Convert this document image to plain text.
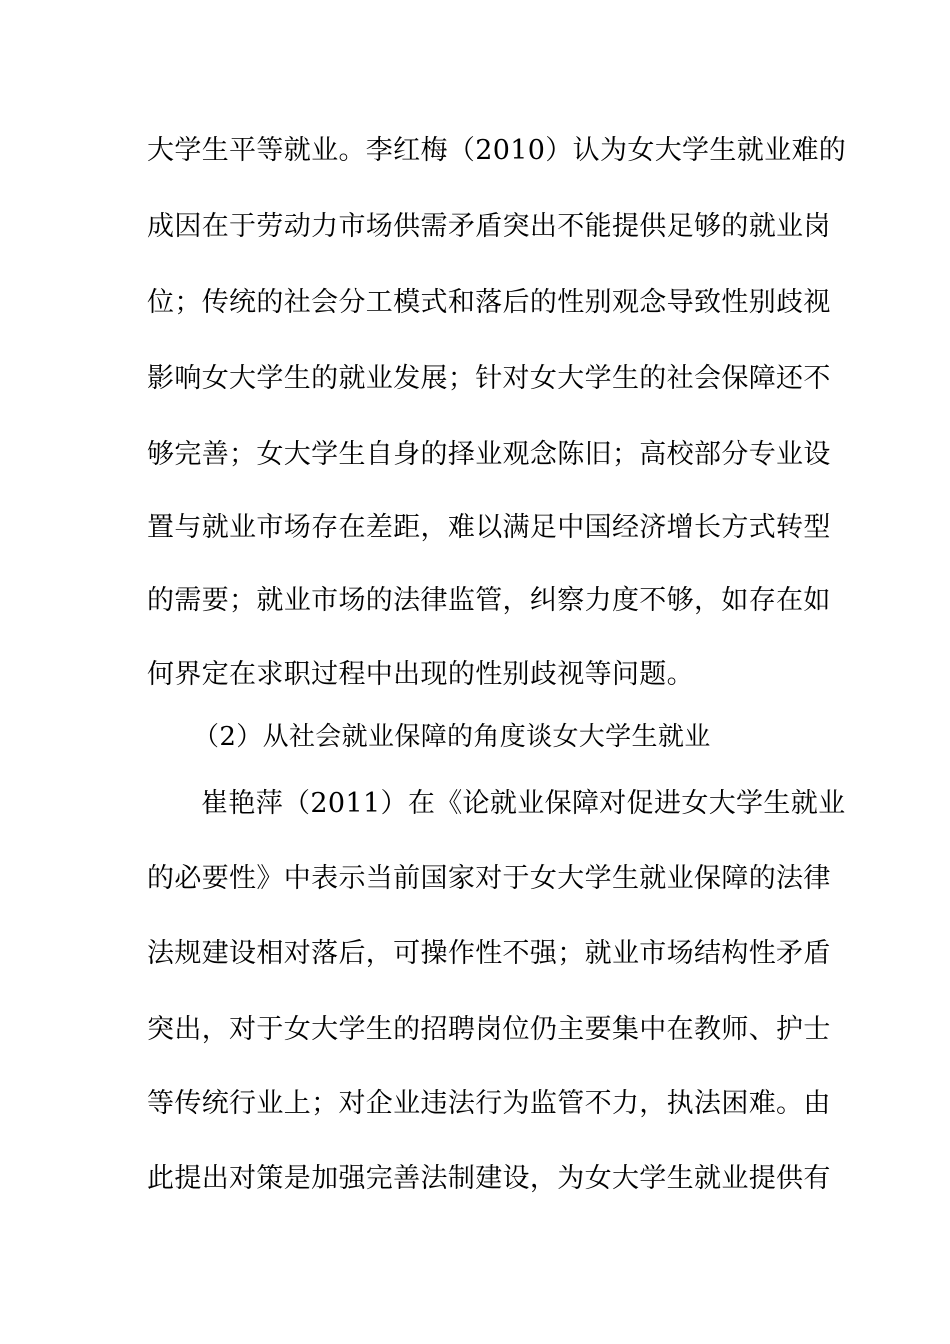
大学生平等就业。李红梅（2010）认为女大学生就业难的
成因在于劳动力市场供需矛盾突出不能提供足够的就业岗
位；传统的社会分工模式和落后的性别观念导致性别歧视
影响女大学生的就业发展；针对女大学生的社会保障还不
够完善；女大学生自身的择业观念陈旧；高校部分专业设
置与就业市场存在差距，难以满足中国经济增长方式转型
的需要；就业市场的法律监管，纠察力度不够，如存在如
何界定在求职过程中出现的性别歧视等问题。
（2）从社会就业保障的角度谈女大学生就业
崔艳萍（2011）在《论就业保障对促进女大学生就业
的必要性》中表示当前国家对于女大学生就业保障的法律
法规建设相对落后，可操作性不强；就业市场结构性矛盾
突出，对于女大学生的招聘岗位仍主要集中在教师、护士
等传统行业上；对企业违法行为监管不力，执法困难。由
此提出对策是加强完善法制建设，为女大学生就业提供有
